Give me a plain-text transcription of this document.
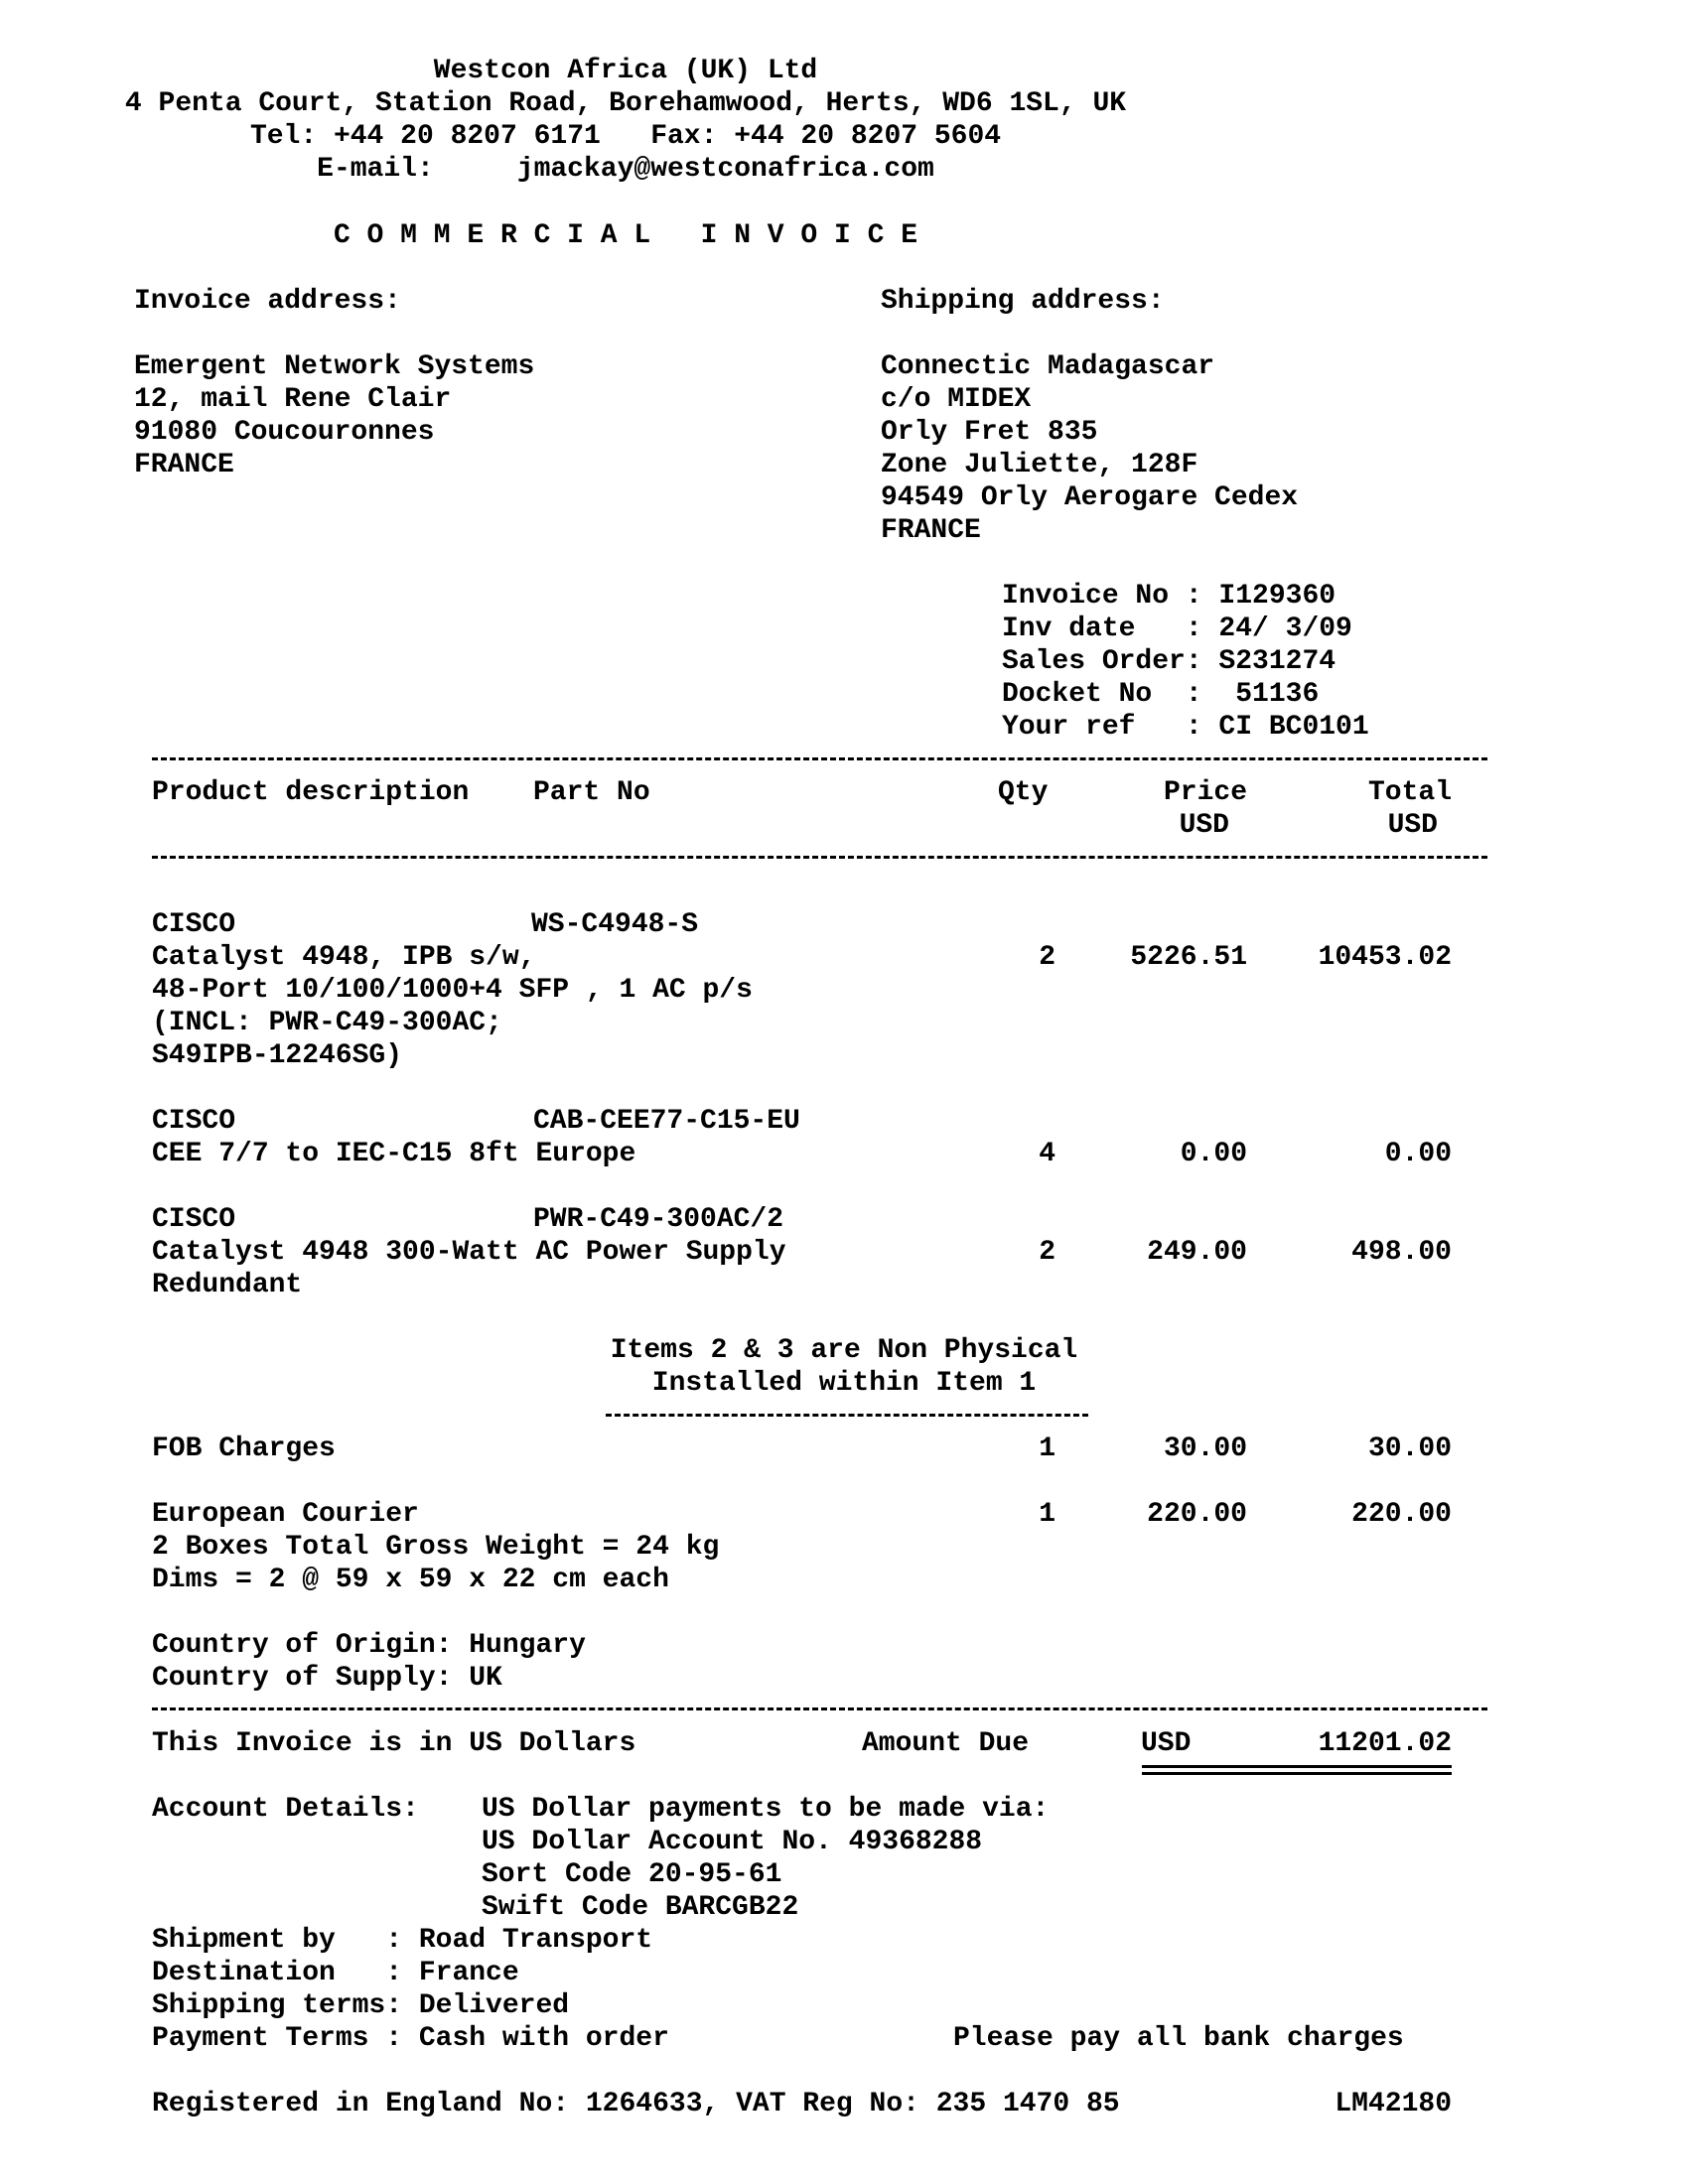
Westcon Africa (UK) Ltd
4 Penta Court, Station Road, Borehamwood, Herts, WD6 1SL, UK
Tel: +44 20 8207 6171   Fax: +44 20 8207 5604
E-mail:     jmackay@westconafrica.com
C O M M E R C I A L   I N V O I C E
Invoice address:	Shipping address:
Emergent Network Systems
12, mail Rene Clair
91080 Coucouronnes
FRANCE
Connectic Madagascar
c/o MIDEX
Orly Fret 835
Zone Juliette, 128F
94549 Orly Aerogare Cedex
FRANCE
Invoice No : I129360
Inv date   : 24/ 3/09
Sales Order: S231274
Docket No  :  51136
Your ref   : CI BC0101
Product description Part No	Qty	Price	Total
USD	USD
CISCO	WS-C4948-S
Catalyst 4948, IPB s/w,	2	5226.51	10453.02
48-Port 10/100/1000+4 SFP , 1 AC p/s
(INCL: PWR-C49-300AC;
S49IPB-12246SG)
CISCO	CAB-CEE77-C15-EU
CEE 7/7 to IEC-C15 8ft Europe	4	0.00	0.00
CISCO	PWR-C49-300AC/2
Catalyst 4948 300-Watt AC Power Supply	2	249.00	498.00
Redundant
Items 2 & 3 are Non Physical
Installed within Item 1
FOB Charges	1	30.00	30.00
European Courier	1	220.00	220.00
2 Boxes Total Gross Weight = 24 kg
Dims = 2 @ 59 x 59 x 22 cm each
Country of Origin: Hungary
Country of Supply: UK
This Invoice is in US Dollars	Amount Due	USD	11201.02
Account Details: US Dollar payments to be made via:
US Dollar Account No. 49368288
Sort Code 20-95-61
Swift Code BARCGB22
Shipment by   : Road Transport
Destination   : France
Shipping terms: Delivered
Payment Terms : Cash with order	Please pay all bank charges
Registered in England No: 1264633, VAT Reg No: 235 1470 85	LM42180
